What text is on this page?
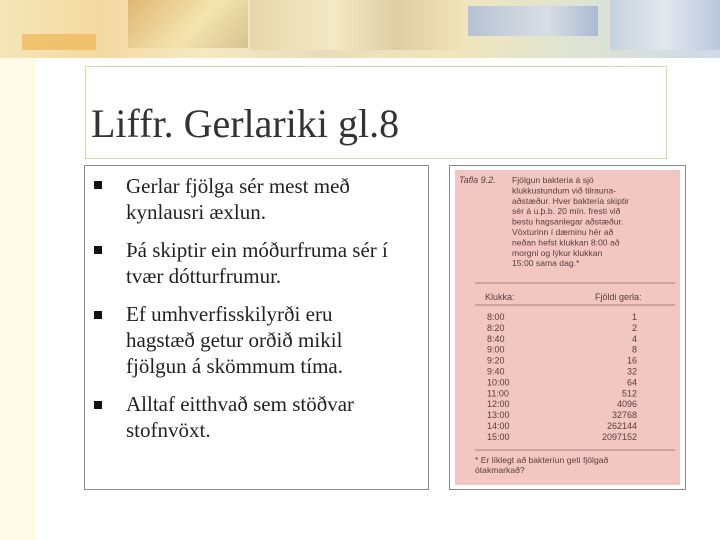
Liffr. Gerlariki gl.8
Gerlar fjölga sér mest með kynlausri æxlun.
Þá skiptir ein móðurfruma sér í tvær dótturfrumur.
Ef umhverfisskilyrði eru hagstæð getur orðið mikil fjölgun á skömmum tíma.
Alltaf eitthvað sem stöðvar stofnvöxt.
Tafla 9.2. Fjölgun bakteria á sjö
klukkustundum við tilrauna-
aðstæður. Hver baktería skiptir
sér á u.þ.b. 20 mín. fresti við
bestu hagsanlegar aðstæður.
Vöxturinn í dæminu hér að
neðan hefst klukkan 8:00 að
morgni og lýkur klukkan
15:00 sama dag.*
Klukka:	Fjöldi gerla:
8:00	1
8:20	2
8:40	4
9:00	8
9:20	16
9:40	32
10:00	64
11:00	512
12:00	4096
13:00	32768
14:00	262144
15:00	2097152
* Er líklegt að bakteríun geti fjölgað
ótakmarkað?
